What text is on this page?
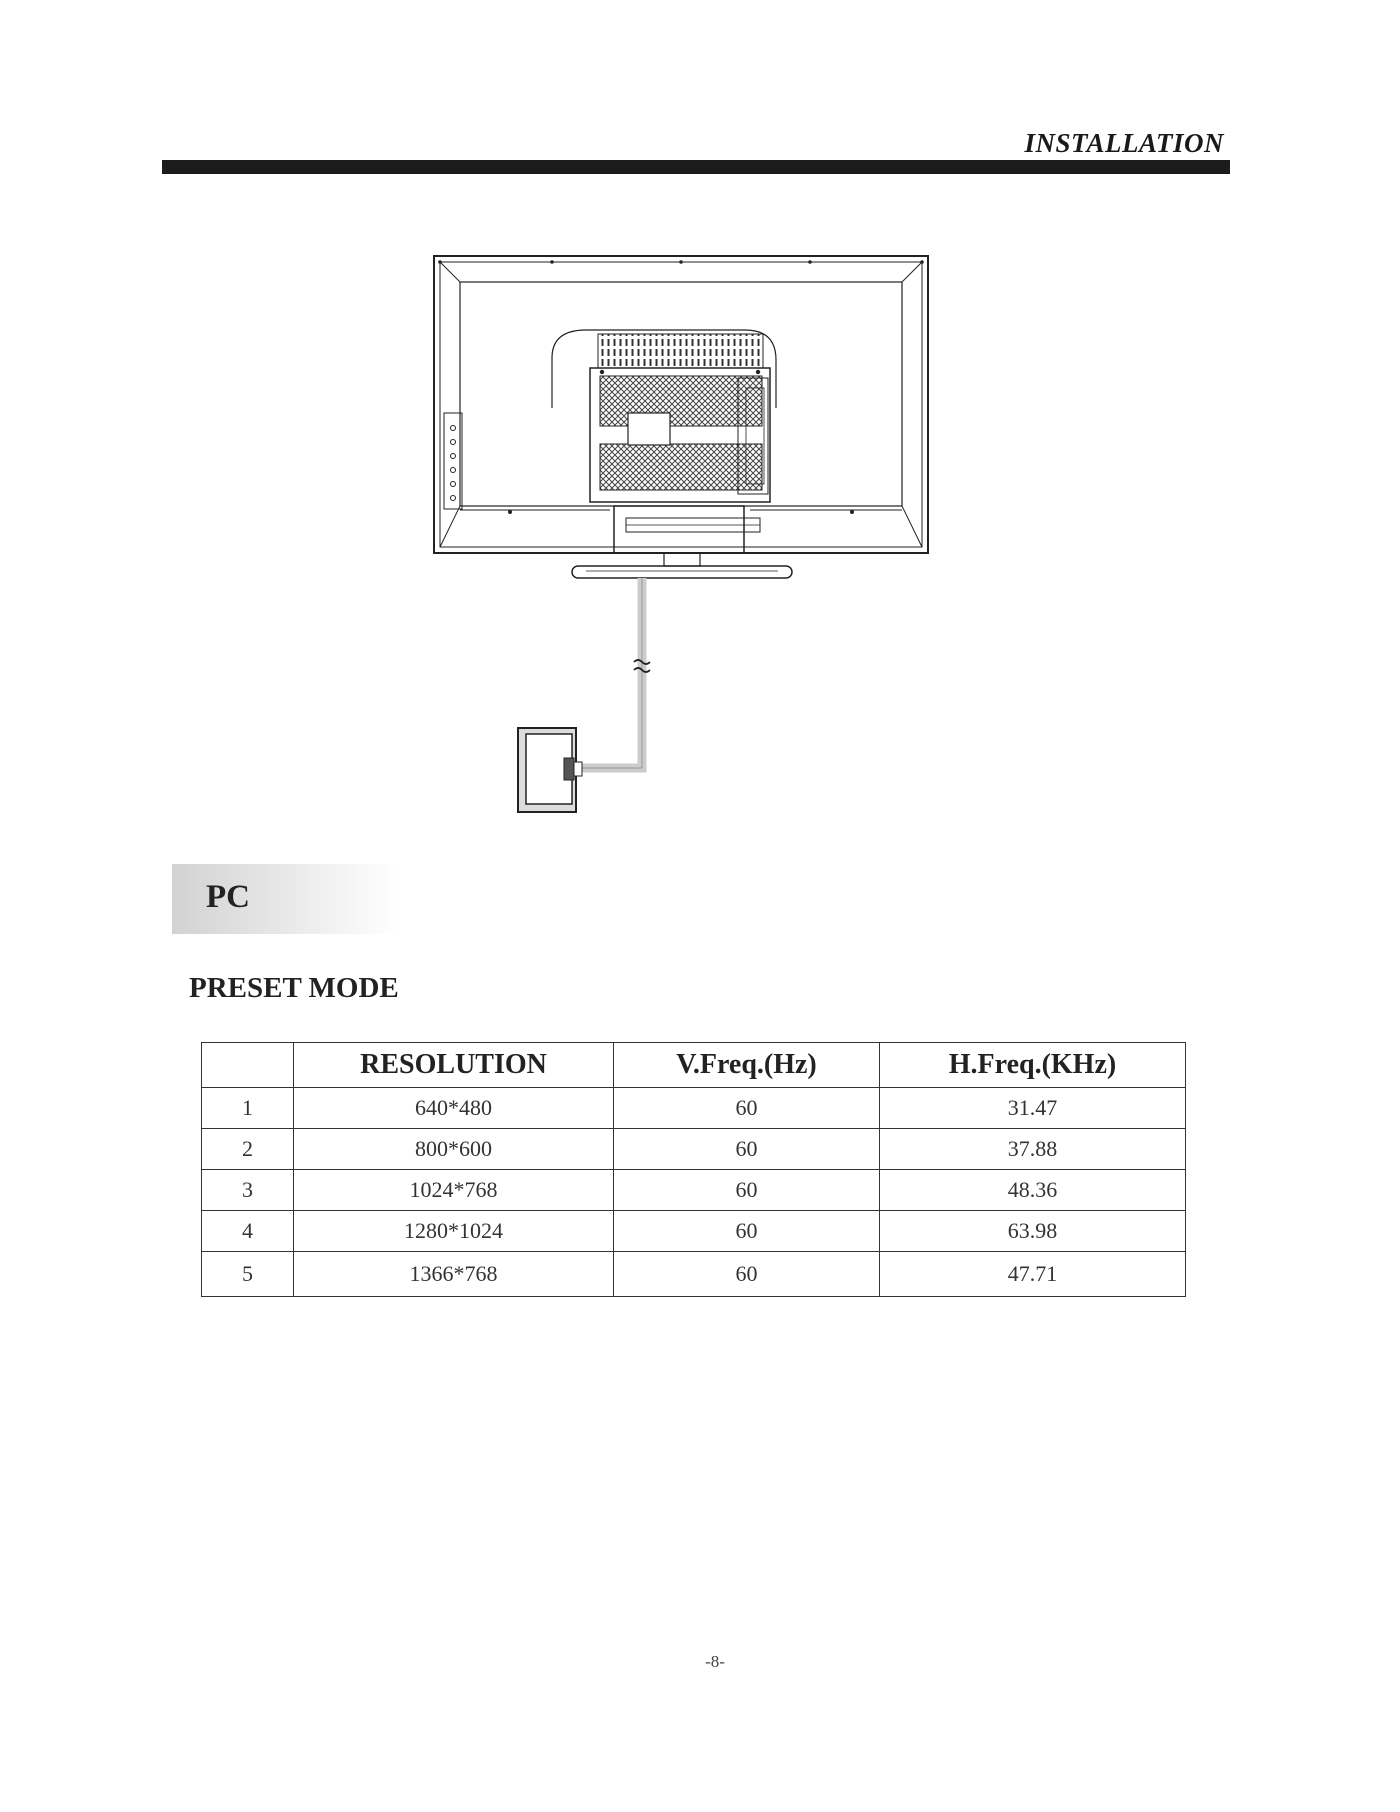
INSTALLATION
PC
PRESET MODE
	RESOLUTION	V.Freq.(Hz)	H.Freq.(KHz)
1	640*480	60	31.47
2	800*600	60	37.88
3	1024*768	60	48.36
4	1280*1024	60	63.98
5	1366*768	60	47.71
-8-
